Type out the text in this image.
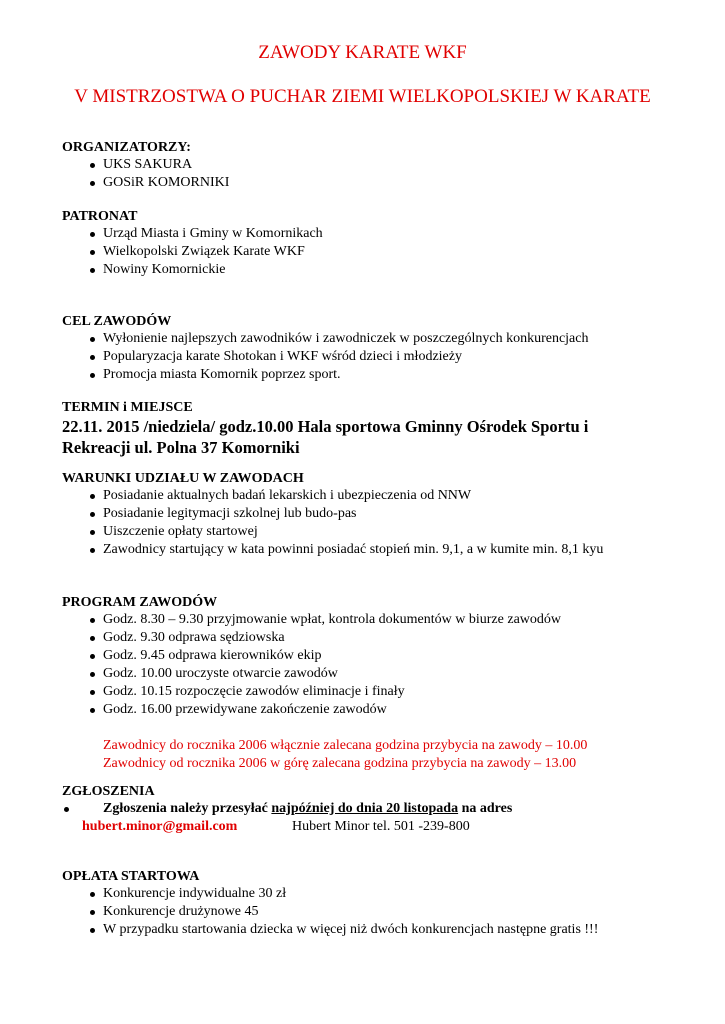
ZAWODY KARATE WKF
V MISTRZOSTWA O PUCHAR ZIEMI WIELKOPOLSKIEJ W KARATE

ORGANIZATORZY:

UKS SAKURA
GOSiR KOMORNIKI

PATRONAT

Urząd Miasta i Gminy w Komornikach
Wielkopolski Związek Karate WKF
Nowiny Komornickie

CEL ZAWODÓW

Wyłonienie najlepszych zawodników i zawodniczek w poszczególnych konkurencjach
Popularyzacja karate Shotokan i WKF wśród dzieci i młodzieży
Promocja miasta Komornik poprzez sport.

TERMIN i MIEJSCE

22.11. 2015 /niedziela/ godz.10.00 Hala sportowa Gminny Ośrodek Sportu i

Rekreacji ul. Polna 37 Komorniki

WARUNKI UDZIAŁU W ZAWODACH

Posiadanie aktualnych badań lekarskich i ubezpieczenia od NNW
Posiadanie legitymacji szkolnej lub budo-pas
Uiszczenie opłaty startowej
Zawodnicy startujący w kata powinni posiadać stopień min. 9,1, a w kumite min. 8,1 kyu

PROGRAM ZAWODÓW

Godz. 8.30 – 9.30 przyjmowanie wpłat, kontrola dokumentów w biurze zawodów
Godz. 9.30 odprawa sędziowska
Godz. 9.45 odprawa kierowników ekip
Godz. 10.00 uroczyste otwarcie zawodów
Godz. 10.15 rozpoczęcie zawodów eliminacje i finały
Godz. 16.00 przewidywane zakończenie zawodów

Zawodnicy do rocznika 2006 włącznie zalecana godzina przybycia na zawody – 10.00

Zawodnicy od rocznika 2006 w górę zalecana godzina przybycia na zawody – 13.00

ZGŁOSZENIA

Zgłoszenia należy przesyłać najpóźniej do dnia 20 listopada na adres
hubert.minor@gmail.com	Hubert Minor tel. 501 -239-800

OPŁATA STARTOWA

Konkurencje indywidualne 30 zł
Konkurencje drużynowe 45
W przypadku startowania dziecka w więcej niż dwóch konkurencjach następne gratis !!!
